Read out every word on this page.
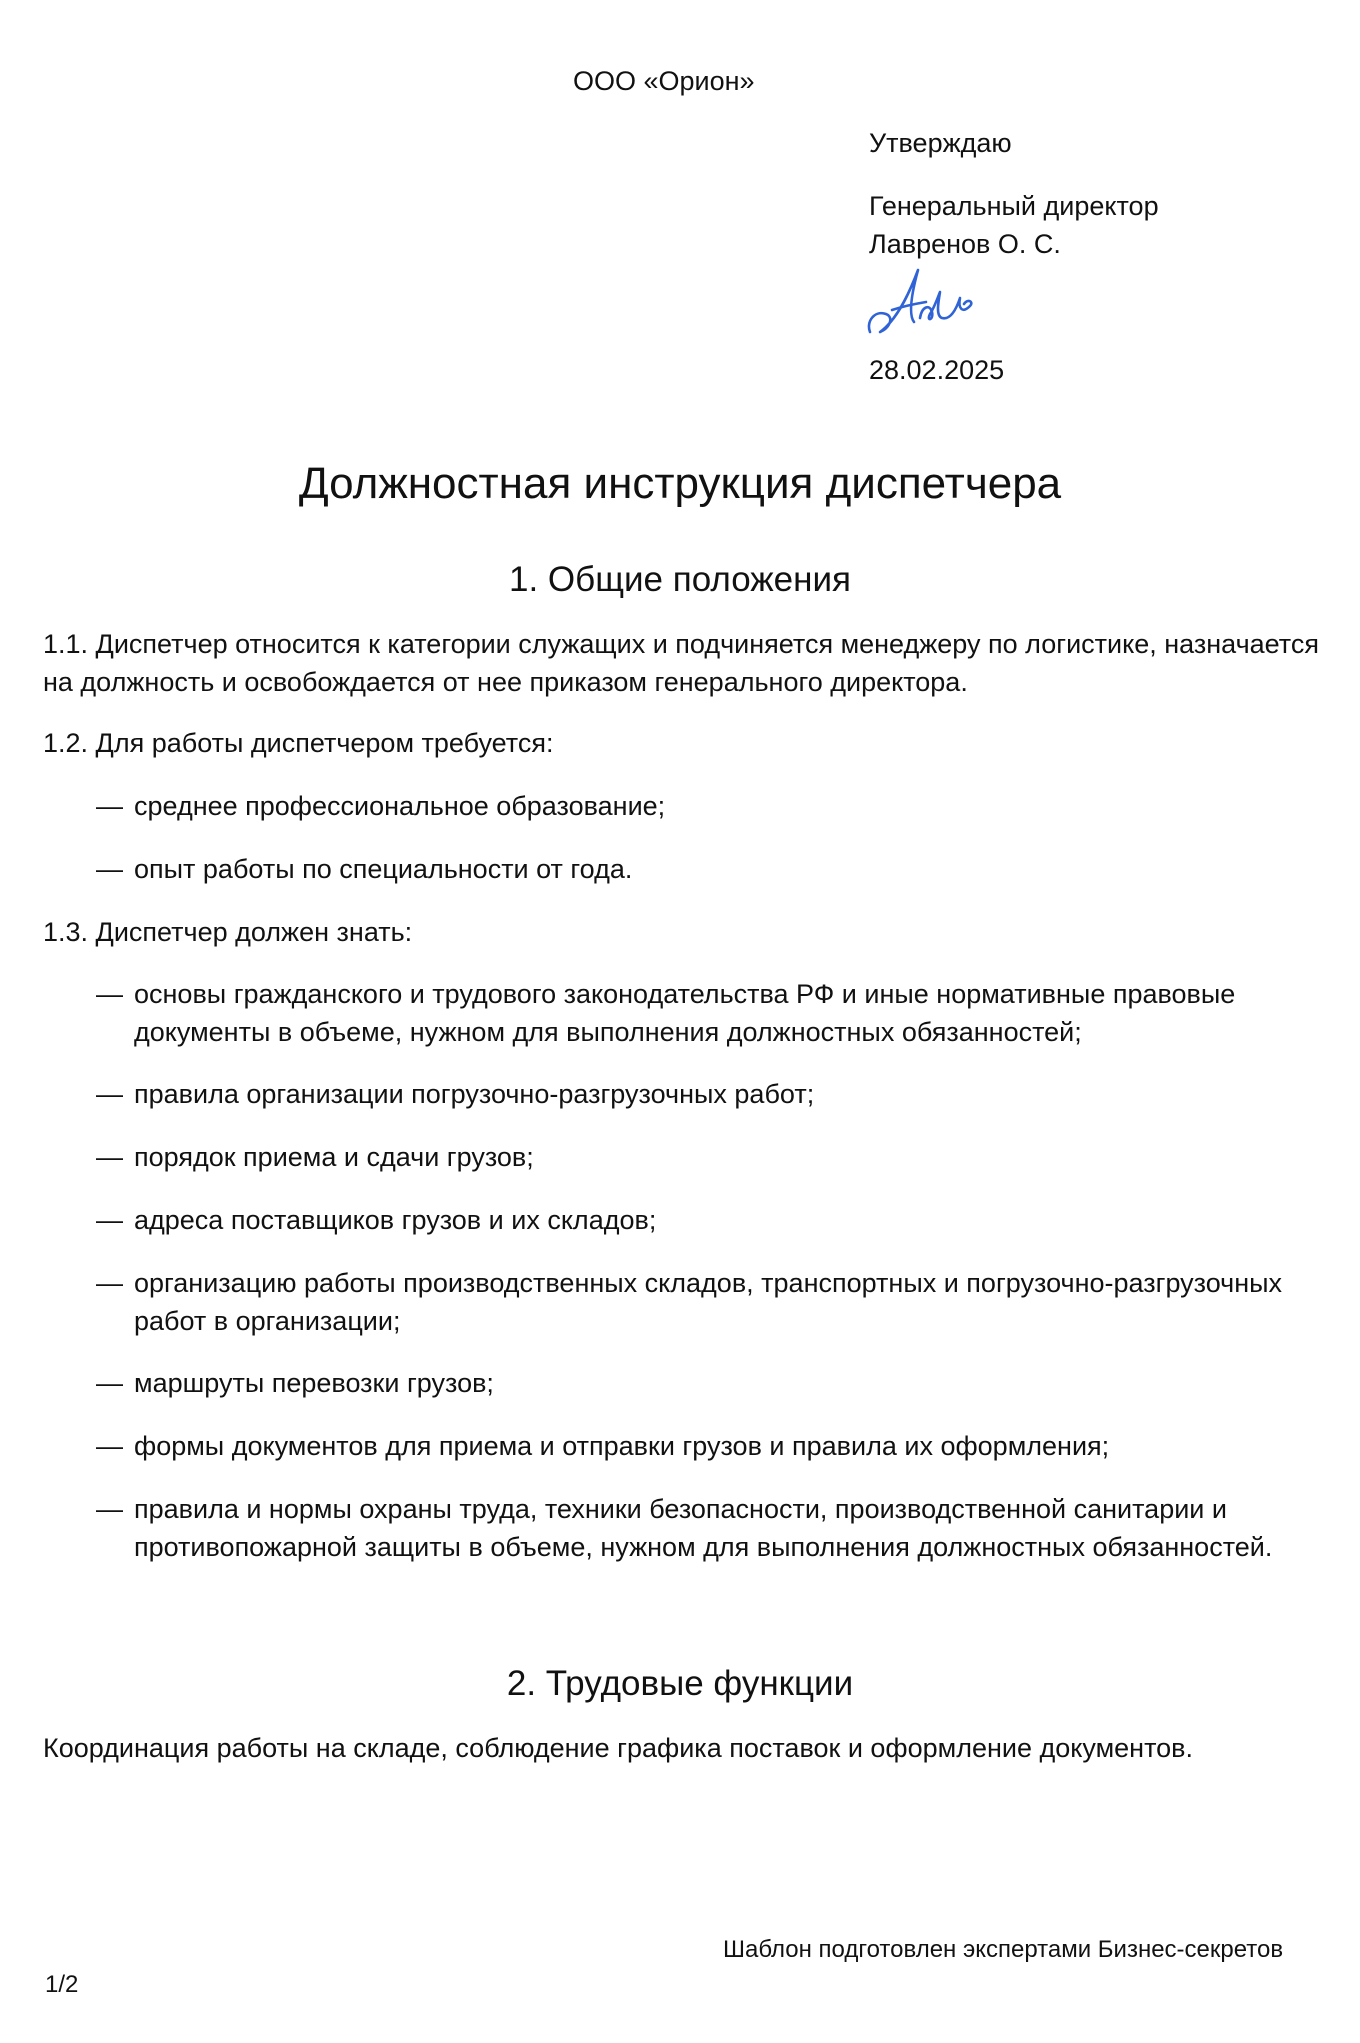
ООО «Орион»
Утверждаю
Генеральный директор
Лавренов О. С.
28.02.2025
Должностная инструкция диспетчера
1. Общие положения
1.1. Диспетчер относится к категории служащих и подчиняется менеджеру по логистике, назначается на должность и освобождается от нее приказом генерального директора.
1.2. Для работы диспетчером требуется:
— среднее профессиональное образование;
— опыт работы по специальности от года.
1.3. Диспетчер должен знать:
— основы гражданского и трудового законодательства РФ и иные нормативные правовые документы в объеме, нужном для выполнения должностных обязанностей;
— правила организации погрузочно-разгрузочных работ;
— порядок приема и сдачи грузов;
— адреса поставщиков грузов и их складов;
— организацию работы производственных складов, транспортных и погрузочно-разгрузочных работ в организации;
— маршруты перевозки грузов;
— формы документов для приема и отправки грузов и правила их оформления;
— правила и нормы охраны труда, техники безопасности, производственной санитарии и противопожарной защиты в объеме, нужном для выполнения должностных обязанностей.
2. Трудовые функции
Координация работы на складе, соблюдение графика поставок и оформление документов.
Шаблон подготовлен экспертами Бизнес-секретов
1/2
